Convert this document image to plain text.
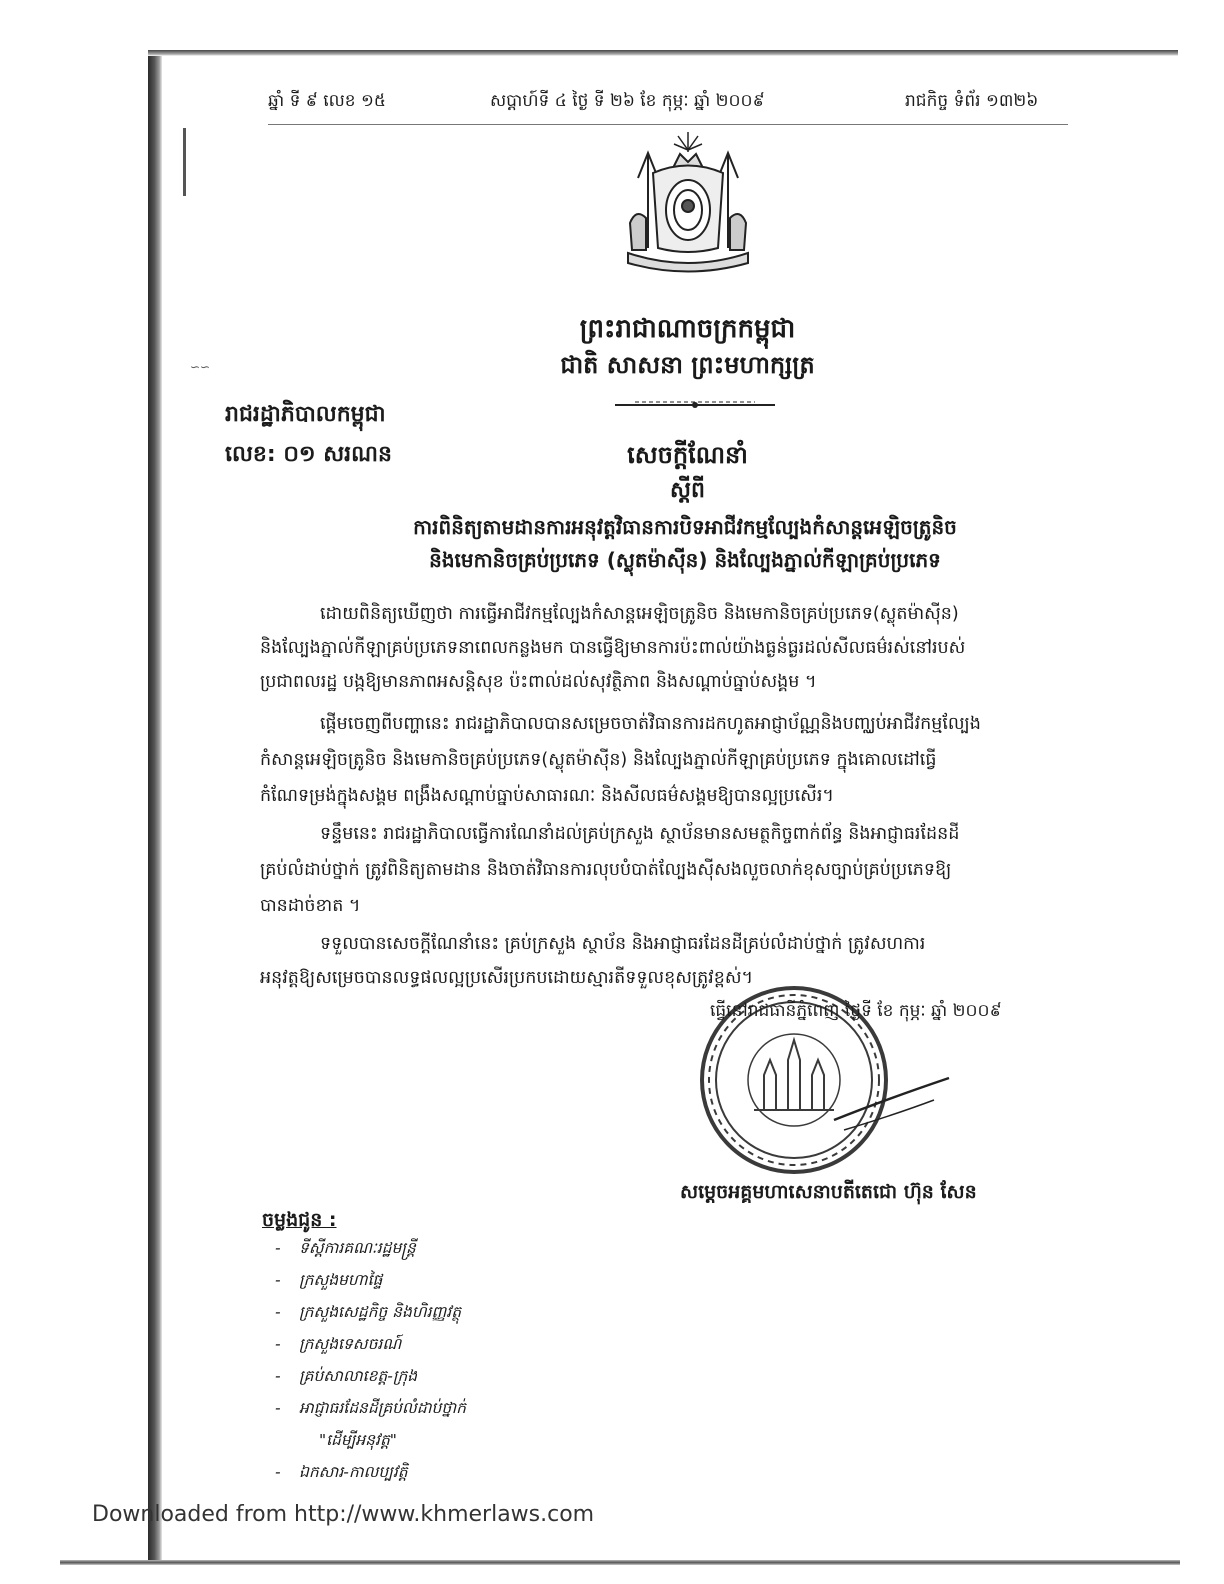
ឆ្នាំ ទី ៩ លេខ ១៥	សប្តាហ៍ទី ៤ ថ្ងៃ ទី ២៦ ខែ កុម្ភៈ ឆ្នាំ ២០០៩	រាជកិច្ច ទំព័រ ១៣២៦
ព្រះរាជាណាចក្រកម្ពុជា
ជាតិ សាសនា ព្រះមហាក្សត្រ
∽∽
រាជរដ្ឋាភិបាលកម្ពុជា
លេខ: ០១ សរណន	សេចក្តីណែនាំ
ស្តីពី
ការពិនិត្យតាមដានការអនុវត្តវិធានការបិទអាជីវកម្មល្បែងកំសាន្តអេឡិចត្រូនិច
និងមេកានិចគ្រប់ប្រភេទ (ស្លុតម៉ាស៊ីន) និងល្បែងភ្នាល់កីឡាគ្រប់ប្រភេទ
ដោយពិនិត្យឃើញថា ការធ្វើអាជីវកម្មល្បែងកំសាន្តអេឡិចត្រូនិច និងមេកានិចគ្រប់ប្រភេទ(ស្លុតម៉ាស៊ីន)
និងល្បែងភ្នាល់កីឡាគ្រប់ប្រភេទនាពេលកន្លងមក បានធ្វើឱ្យមានការប៉ះពាល់យ៉ាងធ្ងន់ធ្ងរដល់សីលធម៌រស់នៅរបស់
ប្រជាពលរដ្ឋ បង្កឱ្យមានភាពអសន្តិសុខ ប៉ះពាល់ដល់សុវត្ថិភាព និងសណ្តាប់ធ្នាប់សង្គម ។
ផ្តើមចេញពីបញ្ហានេះ រាជរដ្ឋាភិបាលបានសម្រេចចាត់វិធានការដកហូតអាជ្ញាប័ណ្ណនិងបញ្ឈប់អាជីវកម្មល្បែង
កំសាន្តអេឡិចត្រូនិច និងមេកានិចគ្រប់ប្រភេទ(ស្លុតម៉ាស៊ីន) និងល្បែងភ្នាល់កីឡាគ្រប់ប្រភេទ ក្នុងគោលដៅធ្វើ
កំណែទម្រង់ក្នុងសង្គម ពង្រឹងសណ្តាប់ធ្នាប់សាធារណៈ និងសីលធម៌សង្គមឱ្យបានល្អប្រសើរ។
ទន្ទឹមនេះ រាជរដ្ឋាភិបាលធ្វើការណែនាំដល់គ្រប់ក្រសួង ស្ថាប័នមានសមត្ថកិច្ចពាក់ព័ន្ធ និងអាជ្ញាធរដែនដី
គ្រប់លំដាប់ថ្នាក់ ត្រូវពិនិត្យតាមដាន និងចាត់វិធានការលុបបំបាត់ល្បែងស៊ីសងលួចលាក់ខុសច្បាប់គ្រប់ប្រភេទឱ្យ
បានដាច់ខាត ។
ទទួលបានសេចក្តីណែនាំនេះ គ្រប់ក្រសួង ស្ថាប័ន និងអាជ្ញាធរដែនដីគ្រប់លំដាប់ថ្នាក់ ត្រូវសហការ
អនុវត្តឱ្យសម្រេចបានលទ្ធផលល្អប្រសើរប្រកបដោយស្មារតីទទួលខុសត្រូវខ្ពស់។
ធ្វើនៅរាជធានីភ្នំពេញ ថ្ងៃទី ខែ កុម្ភៈ ឆ្នាំ ២០០៩
សម្តេចអគ្គមហាសេនាបតីតេជោ ហ៊ុន សែន
ចម្លងជូន :
- ទីស្តីការគណៈរដ្ឋមន្ត្រី
- ក្រសួងមហាផ្ទៃ
- ក្រសួងសេដ្ឋកិច្ច និងហិរញ្ញវត្ថុ
- ក្រសួងទេសចរណ៍
- គ្រប់សាលាខេត្ត-ក្រុង
- អាជ្ញាធរដែនដីគ្រប់លំដាប់ថ្នាក់
"ដើម្បីអនុវត្ត"
- ឯកសារ-កាលប្បវត្តិ
Downloaded from http://www.khmerlaws.com
